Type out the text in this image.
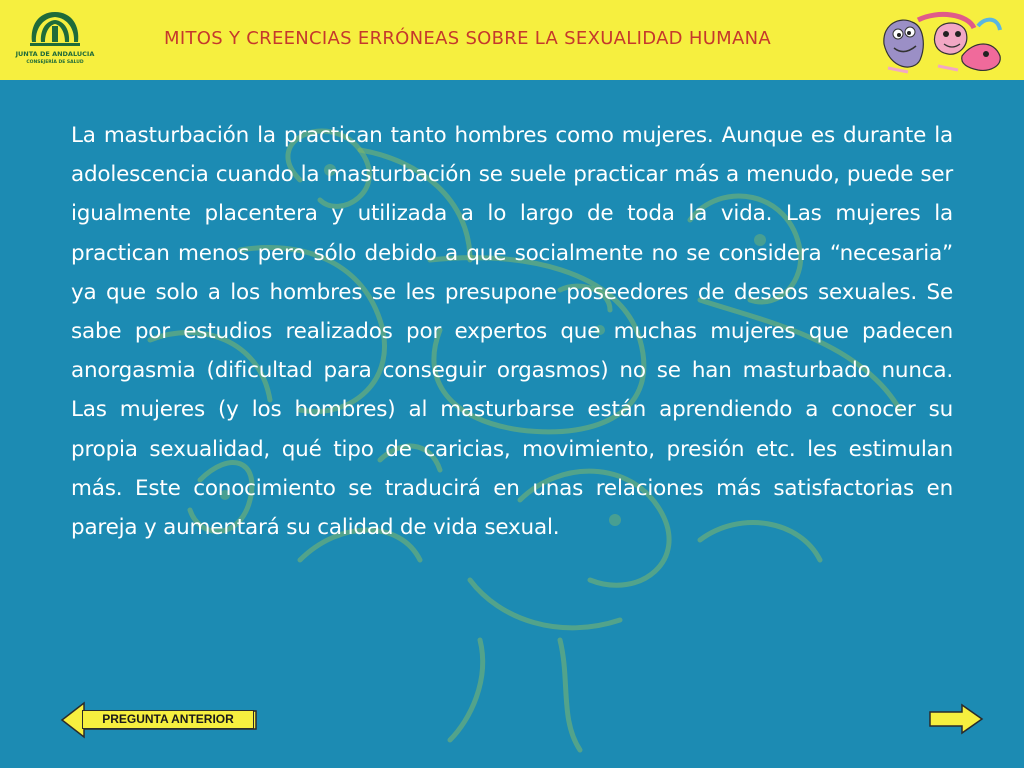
JUNTA DE ANDALUCIA
CONSEJERÍA DE SALUD
MITOS Y CREENCIAS ERRÓNEAS SOBRE LA SEXUALIDAD HUMANA
La masturbación la practican tanto hombres como mujeres. Aunque es durante la adolescencia cuando la masturbación se suele practicar más a menudo, puede ser igualmente placentera y utilizada a lo largo de toda la vida. Las mujeres la practican menos pero sólo debido a que socialmente no se considera “necesaria” ya que solo a los hombres se les presupone poseedores de deseos sexuales. Se sabe por estudios realizados por expertos que muchas mujeres que padecen anorgasmia (dificultad para conseguir orgasmos) no se han masturbado nunca. Las mujeres (y los hombres) al masturbarse están aprendiendo a conocer su propia sexualidad, qué tipo de caricias, movimiento, presión etc. les estimulan más. Este conocimiento se traducirá en unas relaciones más satisfactorias en pareja y aumentará su calidad de vida sexual.
PREGUNTA ANTERIOR
